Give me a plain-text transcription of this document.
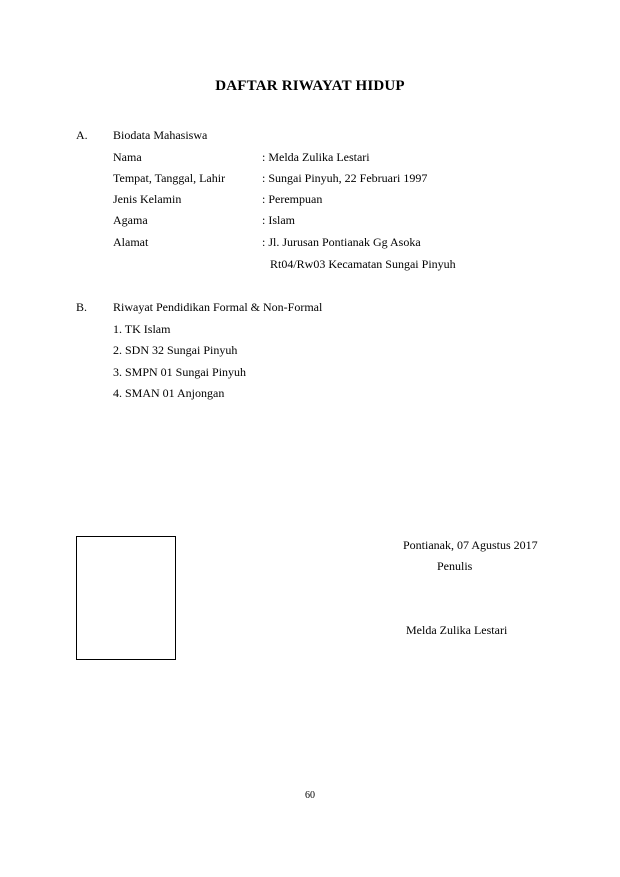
DAFTAR RIWAYAT HIDUP
A. Biodata Mahasiswa
Nama	: Melda Zulika Lestari
Tempat, Tanggal, Lahir	: Sungai Pinyuh, 22 Februari 1997
Jenis Kelamin	: Perempuan
Agama	: Islam
Alamat	: Jl. Jurusan Pontianak Gg Asoka
Rt04/Rw03 Kecamatan Sungai Pinyuh
B. Riwayat Pendidikan Formal & Non-Formal
1. TK Islam
2. SDN 32 Sungai Pinyuh
3. SMPN 01 Sungai Pinyuh
4. SMAN 01 Anjongan
Pontianak, 07 Agustus 2017
Penulis
Melda Zulika Lestari
60
